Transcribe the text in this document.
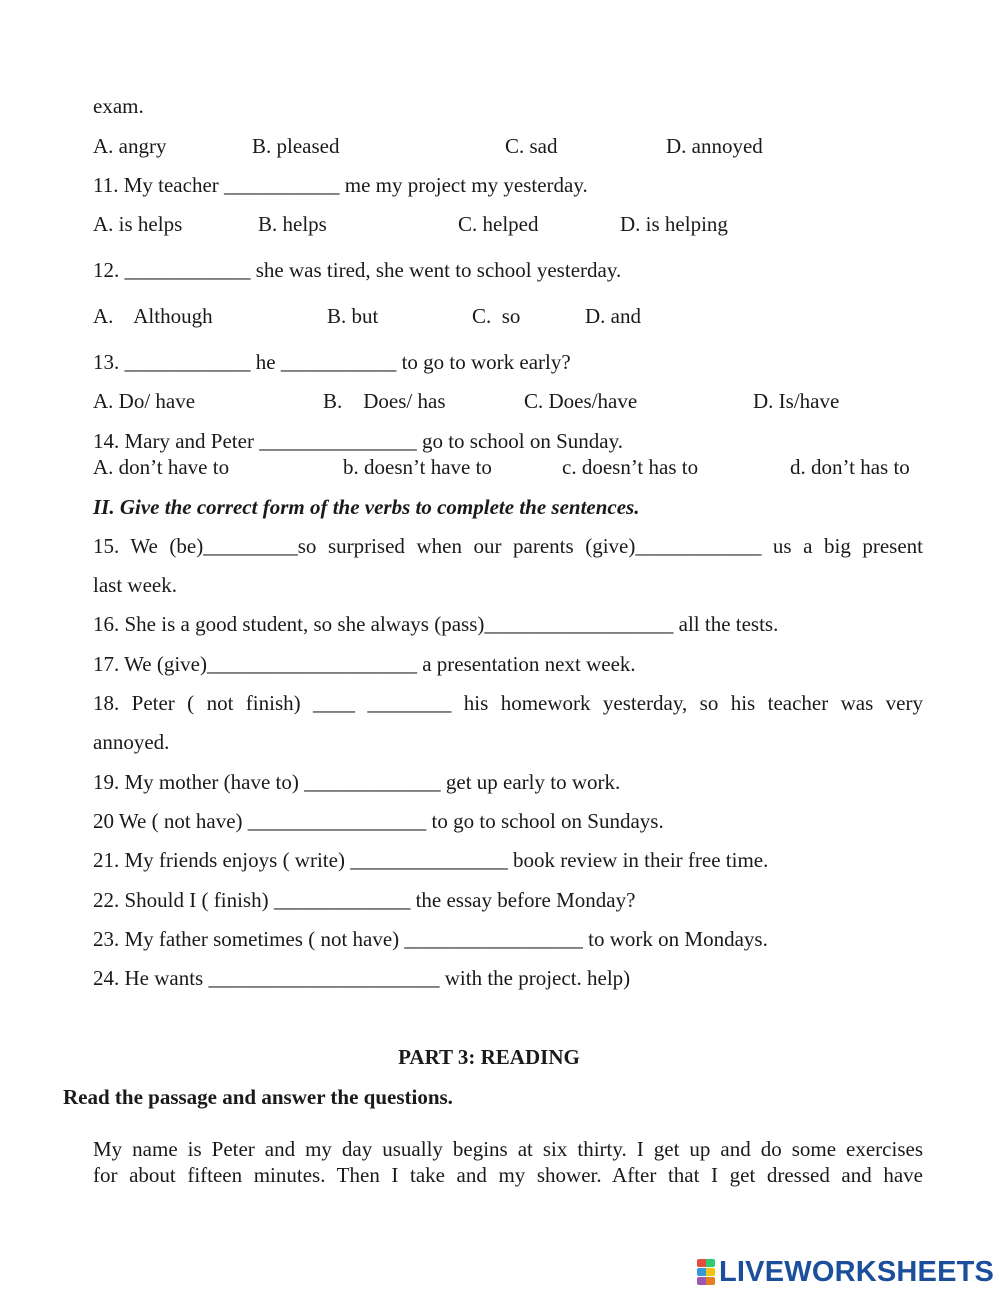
exam.
A. angry	B. pleased	C. sad	D. annoyed
11. My teacher ___________ me my project my yesterday.
A. is helps	B. helps	C. helped	D. is helping
12. ____________ she was tired, she went to school yesterday.
A.    Although	B. but	C.  so	D. and
13. ____________ he ___________ to go to work early?
A. Do/ have	B.    Does/ has	C. Does/have	D. Is/have
14. Mary and Peter _______________ go to school on Sunday.
A. don’t have to	b. doesn’t have to	c. doesn’t has to	d. don’t has to
II. Give the correct form of the verbs to complete the sentences.
15. We (be)_________so surprised when our parents (give)____________ us a big present
last week.
16. She is a good student, so she always (pass)__________________ all the tests.
17. We (give)____________________ a presentation next week.
18. Peter ( not finish) ____ ________ his homework yesterday, so his teacher was very
annoyed.
19. My mother (have to) _____________ get up early to work.
20 We ( not have) _________________ to go to school on Sundays.
21. My friends enjoys ( write) _______________ book review in their free time.
22. Should I ( finish) _____________ the essay before Monday?
23. My father sometimes ( not have) _________________ to work on Mondays.
24. He wants ______________________ with the project. help)
PART 3: READING
Read the passage and answer the questions.
My name is Peter and my day usually begins at six thirty. I get up and do some exercises
for about fifteen minutes. Then I take and my shower. After that I get dressed and have
LIVEWORKSHEETS
